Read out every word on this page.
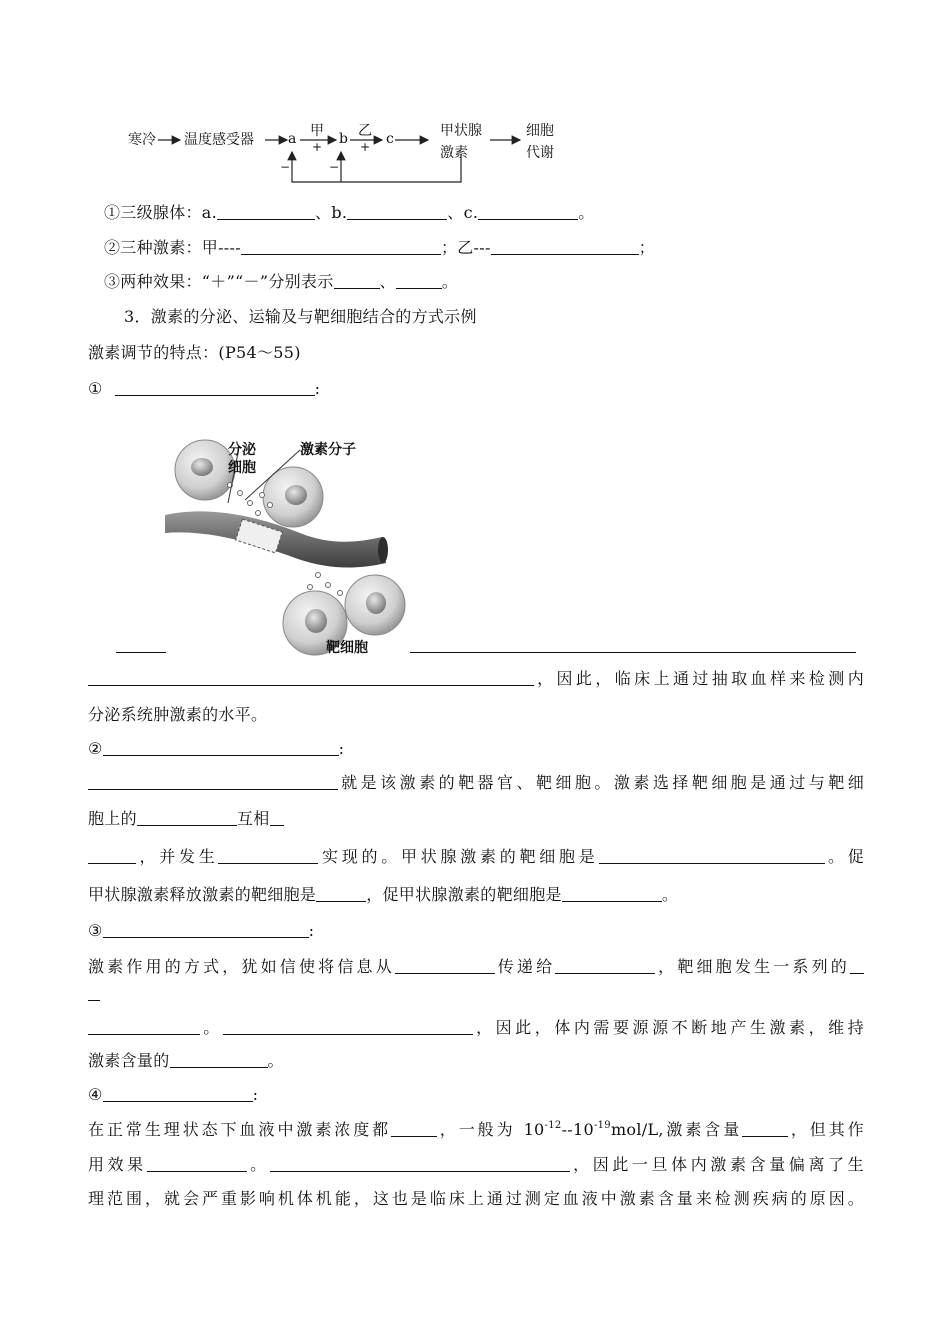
寒冷 温度感受器 a	b	c	甲状腺
激素
细胞
代谢
甲 乙
+	+
−	−
①三级腺体：a.	、b.	、c.	。
②三种激素：甲----	；乙---	；
③两种效果：“＋”“－”分别表示	、	。
3．激素的分泌、运输及与靶细胞结合的方式示例
激素调节的特点：(P54～55)
①	:
分泌
细胞
激素分子
靶细胞
，因此，临床上通过抽取血样来检测内
分泌系统肿激素的水平。
②	:
就是该激素的靶器官、靶细胞。激素选择靶细胞是通过与靶细
胞上的	互相
，并发生	实现的。甲状腺激素的靶细胞是	。促
甲状腺激素释放激素的靶细胞是	，促甲状腺激素的靶细胞是	。
③	:
激素作用的方式，犹如信使将信息从	传递给	，靶细胞发生一系列的
。	，因此，体内需要源源不断地产生激素，维持
激素含量的	。
④	:
在正常生理状态下血液中激素浓度都	，一般为 $10^{-12}--10^{-19}mol/L$,激素含量	，但其作
用效果	。	，因此一旦体内激素含量偏离了生
理范围，就会严重影响机体机能，这也是临床上通过测定血液中激素含量来检测疾病的原因。
